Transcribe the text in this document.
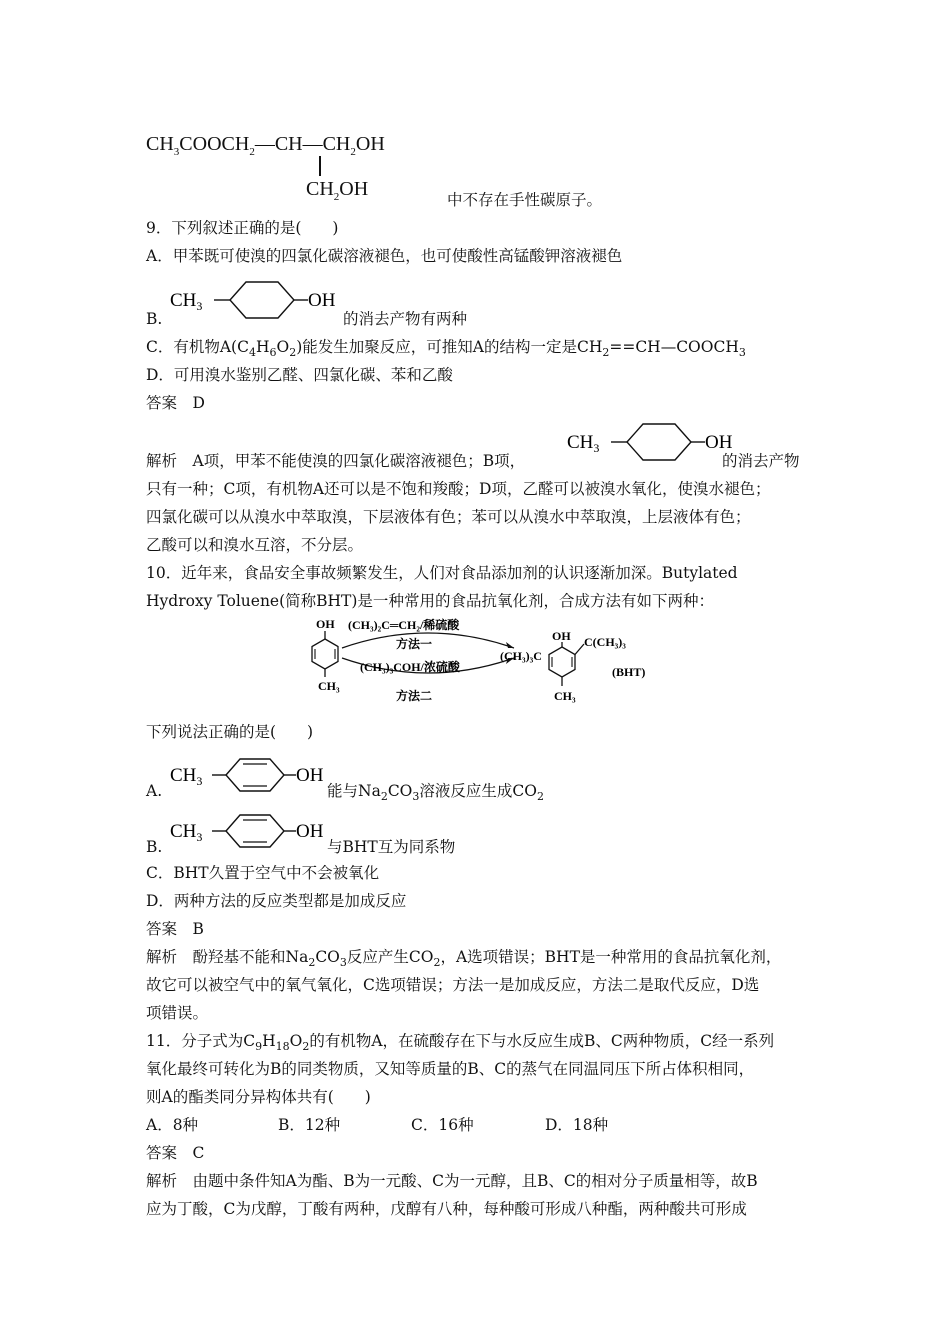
$CH_3COOCH_2—CH—CH_2OH$
$CH_2OH$	中不存在手性碳原子。
9．下列叙述正确的是(　　)
A．甲苯既可使溴的四氯化碳溶液褪色，也可使酸性高锰酸钾溶液褪色
$CH_3$	OH
B.	的消去产物有两种
C．有机物$A(C_4H_6O_2)$能发生加聚反应，可推知A的结构一定是$CH_2==CH—COOCH_3$
D．可用溴水鉴别乙醛、四氯化碳、苯和乙酸
答案　D
解析　A项，甲苯不能使溴的四氯化碳溶液褪色；B项，
$CH_3$	OH
的消去产物
只有一种；C项，有机物A还可以是不饱和羧酸；D项，乙醛可以被溴水氧化，使溴水褪色；
四氯化碳可以从溴水中萃取溴，下层液体有色；苯可以从溴水中萃取溴，上层液体有色；
乙酸可以和溴水互溶，不分层。
10．近年来，食品安全事故频繁发生，人们对食品添加剂的认识逐渐加深。Butylated
Hydroxy Toluene(简称BHT)是一种常用的食品抗氧化剂，合成方法有如下两种：
OH
CH₃
(CH₃)₂C═CH₂/稀硫酸
方法一
(CH₃)₃COH/浓硫酸
方法二
OH
(CH₃)₃C
C(CH₃)₃
CH₃
(BHT)
下列说法正确的是(　　)
$CH_3$	OH
A.	能与$Na_2CO_3$溶液反应生成$CO_2$
$CH_3$	OH
B.	与BHT互为同系物
C．BHT久置于空气中不会被氧化
D．两种方法的反应类型都是加成反应
答案　B
解析　酚羟基不能和$Na_2CO_3$反应产生$CO_2$，A选项错误；BHT是一种常用的食品抗氧化剂，
故它可以被空气中的氧气氧化，C选项错误；方法一是加成反应，方法二是取代反应，D选
项错误。
11．分子式为$C_9H_{18}O_2$的有机物A，在硫酸存在下与水反应生成B、C两种物质，C经一系列
氧化最终可转化为B的同类物质，又知等质量的B、C的蒸气在同温同压下所占体积相同，
则A的酯类同分异构体共有(　　)
A．8种	B．12种	C．16种	D．18种
答案　C
解析　由题中条件知A为酯、B为一元酸、C为一元醇，且B、C的相对分子质量相等，故B
应为丁酸，C为戊醇，丁酸有两种，戊醇有八种，每种酸可形成八种酯，两种酸共可形成
